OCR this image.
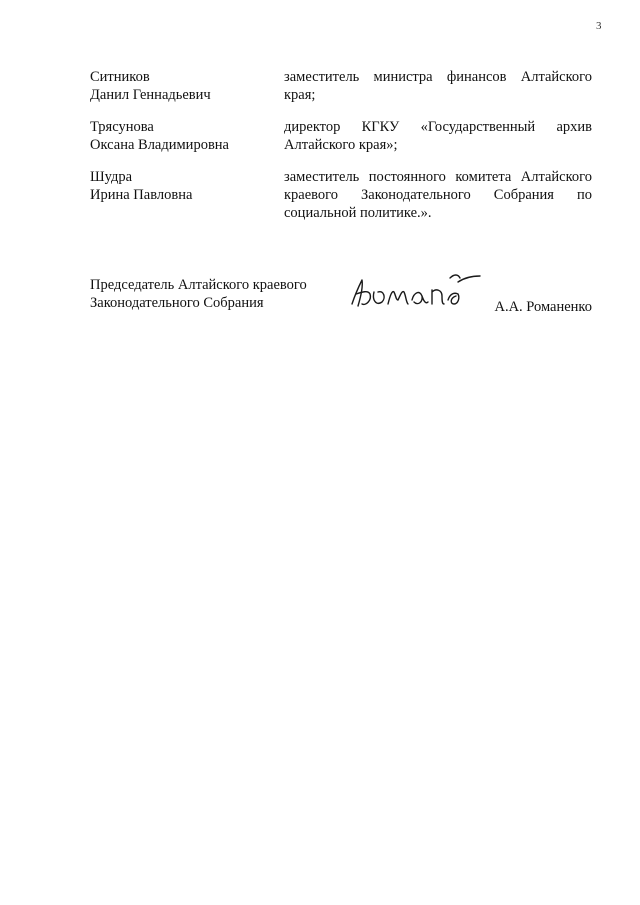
3
Ситников
Данил Геннадьевич
заместитель министра финансов Алтайского края;
Трясунова
Оксана Владимировна
директор КГКУ «Государственный архив Алтайского края»;
Шудра
Ирина Павловна
заместитель постоянного комитета Алтайского краевого Законодательного Собрания по социальной политике.».
Председатель Алтайского краевого
Законодательного Собрания	А.А. Романенко
